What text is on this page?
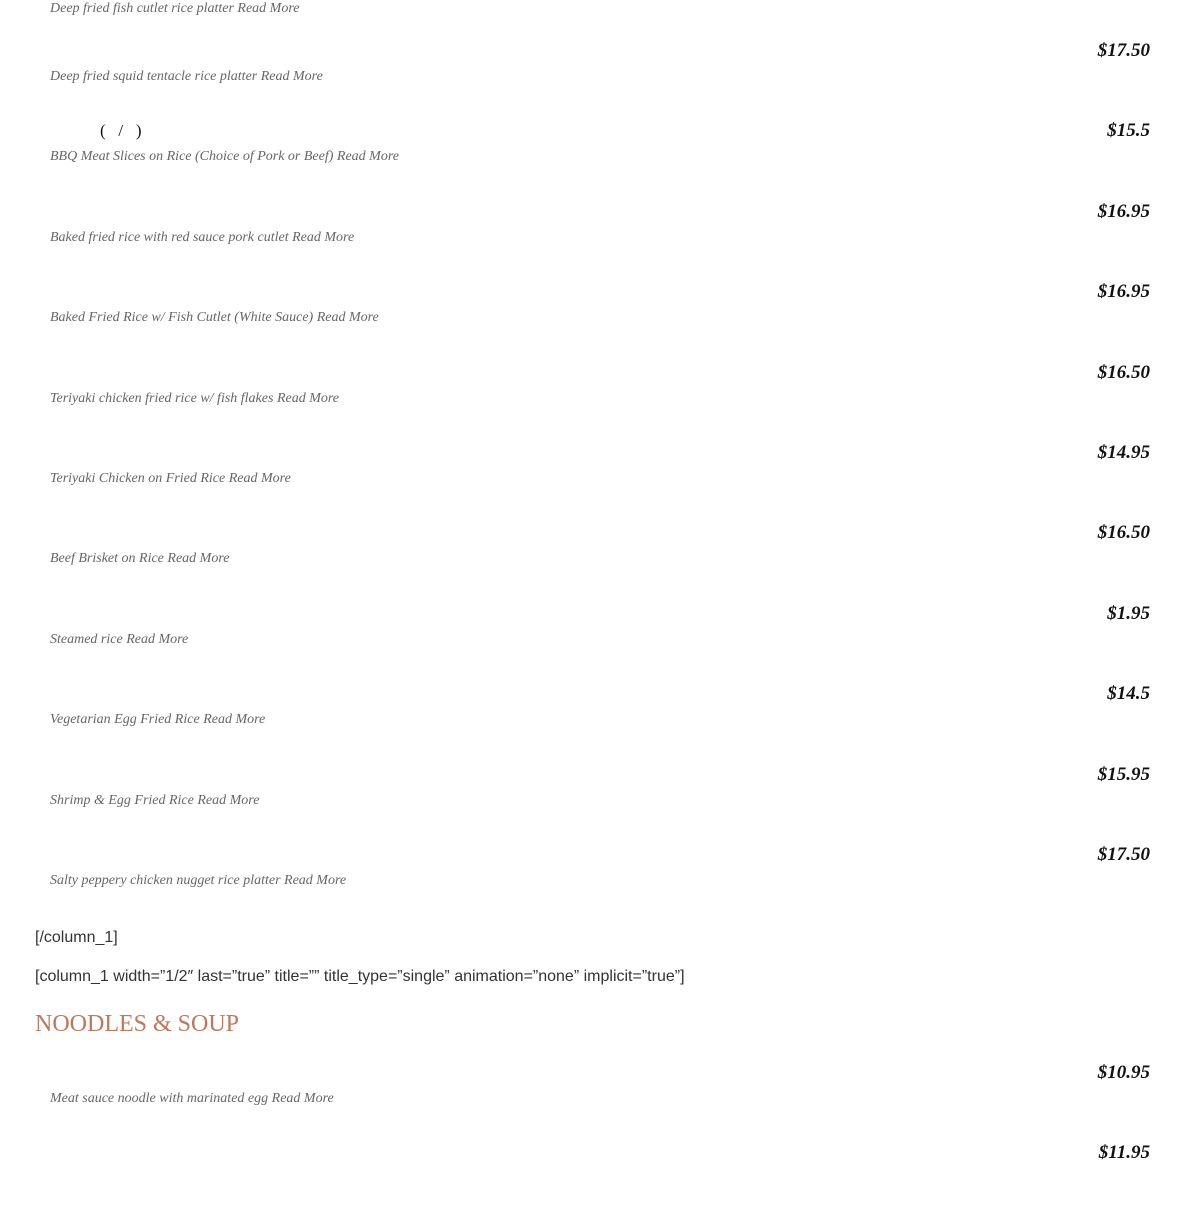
Deep fried fish cutlet rice platter Read More
$17.50
Deep fried squid tentacle rice platter Read More
(   /   )	$15.5
BBQ Meat Slices on Rice (Choice of Pork or Beef) Read More
$16.95
Baked fried rice with red sauce pork cutlet Read More
$16.95
Baked Fried Rice w/ Fish Cutlet (White Sauce) Read More
$16.50
Teriyaki chicken fried rice w/ fish flakes Read More
$14.95
Teriyaki Chicken on Fried Rice Read More
$16.50
Beef Brisket on Rice Read More
$1.95
Steamed rice Read More
$14.5
Vegetarian Egg Fried Rice Read More
$15.95
Shrimp & Egg Fried Rice Read More
$17.50
Salty peppery chicken nugget rice platter Read More
[/column_1]
[column_1 width=”1/2″ last=”true” title=”” title_type=”single” animation=”none” implicit=”true”]
NOODLES & SOUP
$10.95
Meat sauce noodle with marinated egg Read More
$11.95
